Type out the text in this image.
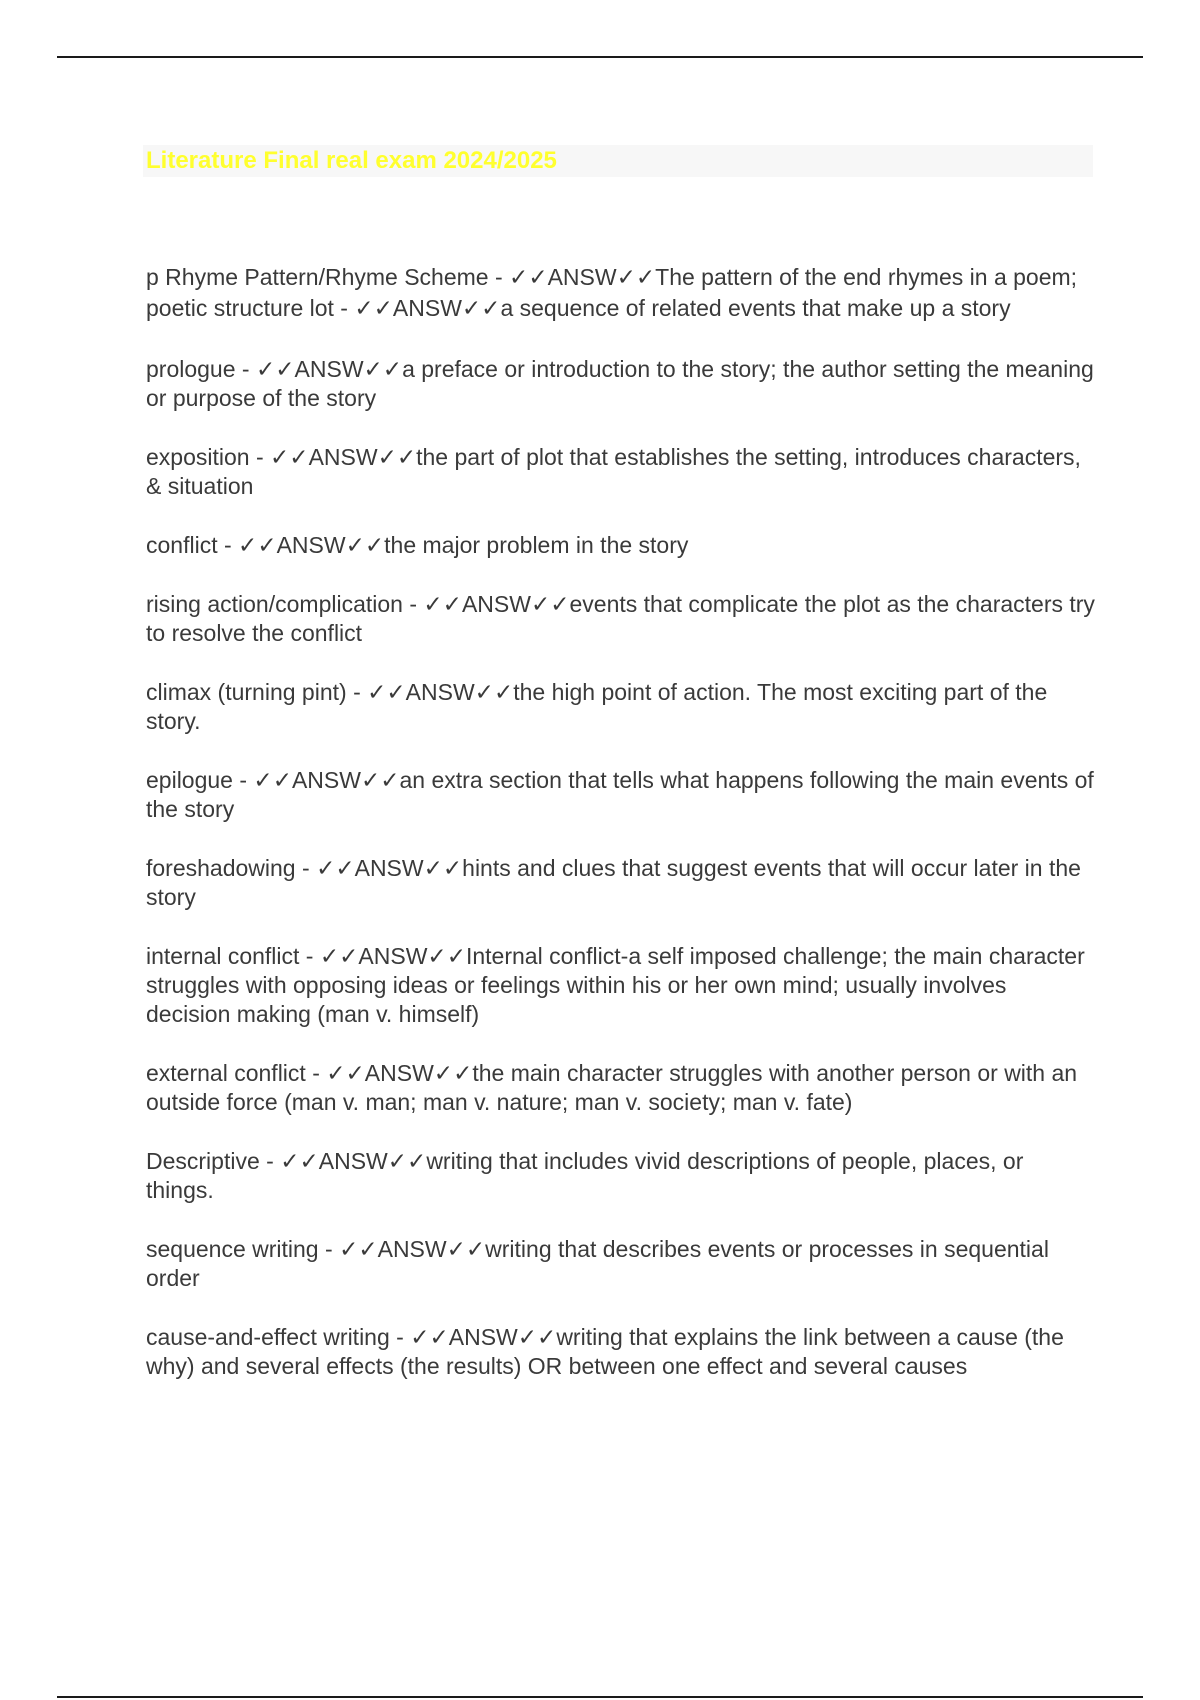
Literature Final real exam 2024/2025
p Rhyme Pattern/Rhyme Scheme - ✓✓ANSW✓✓The pattern of the end rhymes in a poem; poetic structure lot - ✓✓ANSW✓✓a sequence of related events that make up a story
prologue - ✓✓ANSW✓✓a preface or introduction to the story; the author setting the meaning or purpose of the story
exposition - ✓✓ANSW✓✓the part of plot that establishes the setting, introduces characters, & situation
conflict - ✓✓ANSW✓✓the major problem in the story
rising action/complication - ✓✓ANSW✓✓events that complicate the plot as the characters try to resolve the conflict
climax (turning pint) - ✓✓ANSW✓✓the high point of action. The most exciting part of the story.
epilogue - ✓✓ANSW✓✓an extra section that tells what happens following the main events of the story
foreshadowing - ✓✓ANSW✓✓hints and clues that suggest events that will occur later in the story
internal conflict - ✓✓ANSW✓✓Internal conflict-a self imposed challenge; the main character struggles with opposing ideas or feelings within his or her own mind; usually involves decision making (man v. himself)
external conflict - ✓✓ANSW✓✓the main character struggles with another person or with an outside force (man v. man; man v. nature; man v. society; man v. fate)
Descriptive - ✓✓ANSW✓✓writing that includes vivid descriptions of people, places, or things.
sequence writing - ✓✓ANSW✓✓writing that describes events or processes in sequential order
cause-and-effect writing - ✓✓ANSW✓✓writing that explains the link between a cause (the why) and several effects (the results) OR between one effect and several causes
